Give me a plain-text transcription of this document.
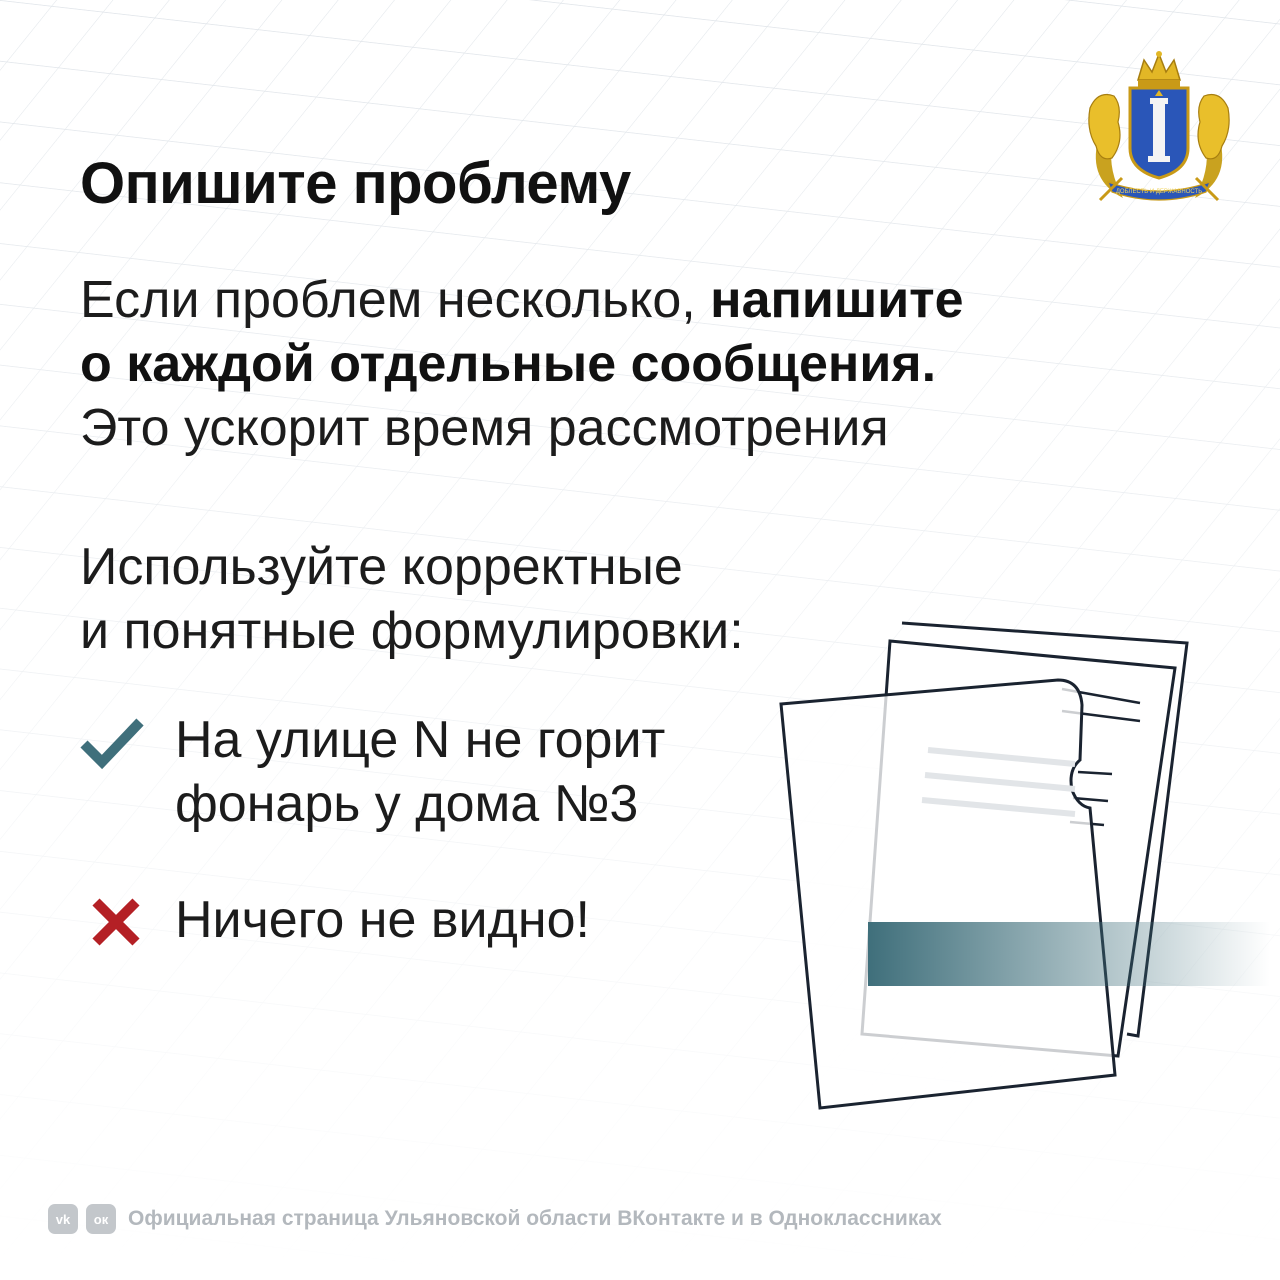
ДОБЛЕСТЬ И ДЕРЖАВНОСТЬ
Опишите проблему
Если проблем несколько, напишите
о каждой отдельные сообщения.
Это ускорит время рассмотрения
Используйте корректные
и понятные формулировки:
На улице N не горит
фонарь у дома №3
Ничего не видно!
vk	ок Официальная страница Ульяновской области ВКонтакте и в Одноклассниках
